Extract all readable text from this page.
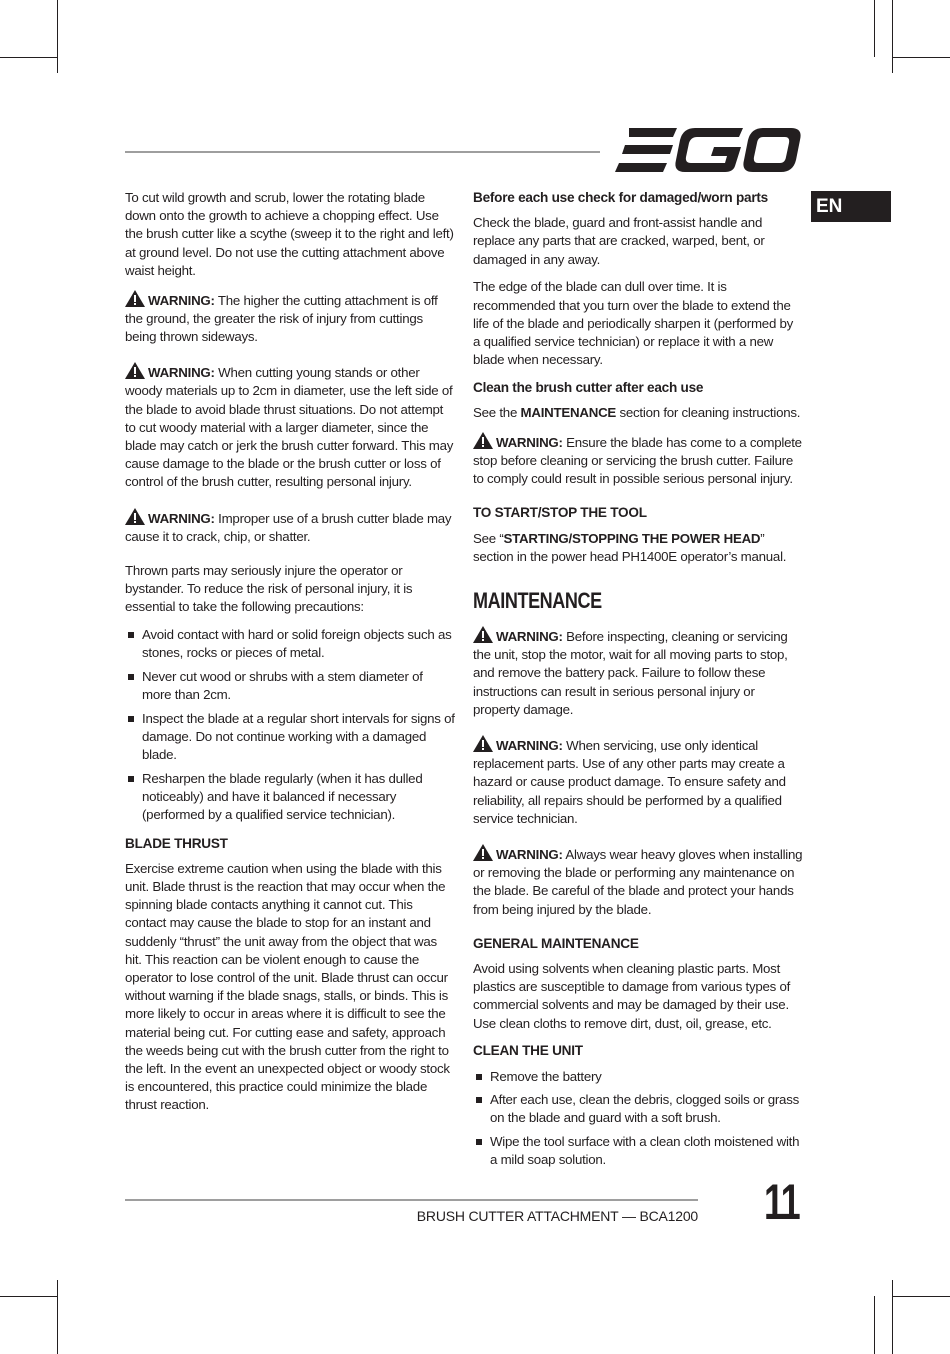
EN

To cut wild growth and scrub, lower the rotating blade down onto the growth to achieve a chopping effect. Use the brush cutter like a scythe (sweep it to the right and left) at ground level. Do not use the cutting attachment above waist height.

WARNING: The higher the cutting attachment is off the ground, the greater the risk of injury from cuttings being thrown sideways.

WARNING: When cutting young stands or other woody materials up to 2cm in diameter, use the left side of the blade to avoid blade thrust situations. Do not attempt to cut woody material with a larger diameter, since the blade may catch or jerk the brush cutter forward. This may cause damage to the blade or the brush cutter or loss of control of the brush cutter, resulting personal injury.

WARNING: Improper use of a brush cutter blade may cause it to crack, chip, or shatter.

Thrown parts may seriously injure the operator or bystander. To reduce the risk of personal injury, it is essential to take the following precautions:

Avoid contact with hard or solid foreign objects such as stones, rocks or pieces of metal.
Never cut wood or shrubs with a stem diameter of more than 2cm.
Inspect the blade at a regular short intervals for signs of damage. Do not continue working with a damaged blade.
Resharpen the blade regularly (when it has dulled noticeably) and have it balanced if necessary (performed by a qualified service technician).
BLADE THRUST

Exercise extreme caution when using the blade with this unit. Blade thrust is the reaction that may occur when the spinning blade contacts anything it cannot cut. This contact may cause the blade to stop for an instant and suddenly “thrust” the unit away from the object that was hit. This reaction can be violent enough to cause the operator to lose control of the unit. Blade thrust can occur without warning if the blade snags, stalls, or binds. This is more likely to occur in areas where it is difficult to see the material being cut. For cutting ease and safety, approach the weeds being cut with the brush cutter from the right to the left. In the event an unexpected object or woody stock is encountered, this practice could minimize the blade thrust reaction.

Before each use check for damaged/worn parts

Check the blade, guard and front-assist handle and replace any parts that are cracked, warped, bent, or damaged in any away.

The edge of the blade can dull over time. It is recommended that you turn over the blade to extend the life of the blade and periodically sharpen it (performed by a qualified service technician) or replace it with a new blade when necessary.

Clean the brush cutter after each use

See the MAINTENANCE section for cleaning instructions.

WARNING: Ensure the blade has come to a complete stop before cleaning or servicing the brush cutter. Failure to comply could result in possible serious personal injury.

TO START/STOP THE TOOL

See “STARTING/STOPPING THE POWER HEAD” section in the power head PH1400E operator’s manual.

MAINTENANCE

WARNING: Before inspecting, cleaning or servicing the unit, stop the motor, wait for all moving parts to stop, and remove the battery pack. Failure to follow these instructions can result in serious personal injury or property damage.

WARNING: When servicing, use only identical replacement parts. Use of any other parts may create a hazard or cause product damage. To ensure safety and reliability, all repairs should be performed by a qualified service technician.

WARNING: Always wear heavy gloves when installing or removing the blade or performing any maintenance on the blade. Be careful of the blade and protect your hands from being injured by the blade.

GENERAL MAINTENANCE

Avoid using solvents when cleaning plastic parts. Most plastics are susceptible to damage from various types of commercial solvents and may be damaged by their use. Use clean cloths to remove dirt, dust, oil, grease, etc.

CLEAN THE UNIT
Remove the battery
After each use, clean the debris, clogged soils or grass on the blade and guard with a soft brush.
Wipe the tool surface with a clean cloth moistened with a mild soap solution.
BRUSH CUTTER ATTACHMENT — BCA1200 11
